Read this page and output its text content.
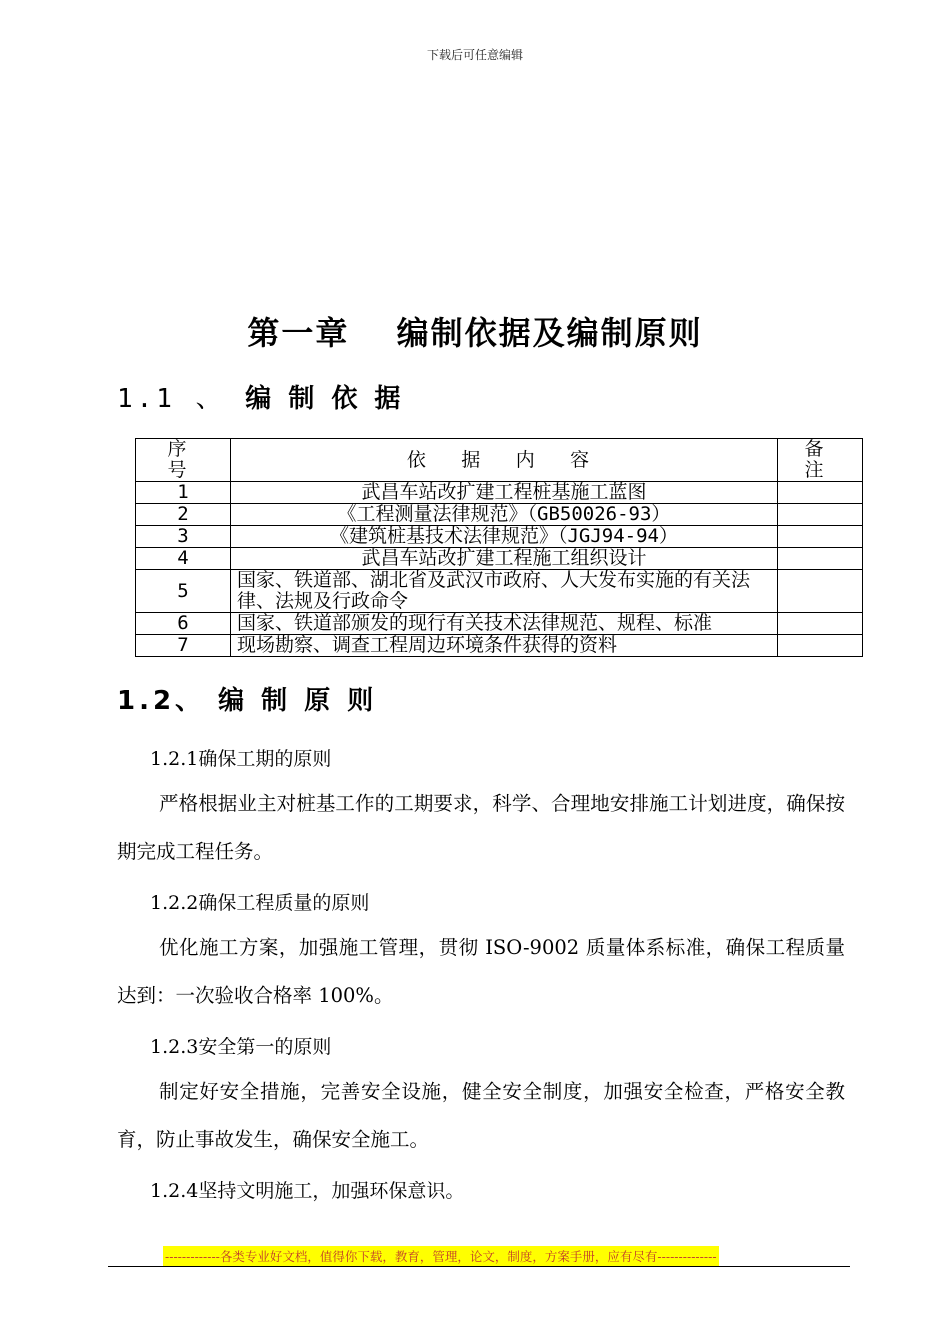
下载后可任意编辑
第一章　 编制依据及编制原则
1.1 、 编 制 依 据
序 号	依 据 内 容	备 注
1	武昌车站改扩建工程桩基施工蓝图	
2	《工程测量法律规范》（GB50026-93）	
3	《建筑桩基技术法律规范》（JGJ94-94）	
4	武昌车站改扩建工程施工组织设计	
5	国家、铁道部、湖北省及武汉市政府、人大发布实施的有关法律、法规及行政命令	
6	国家、铁道部颁发的现行有关技术法律规范、规程、标准	
7	现场勘察、调查工程周边环境条件获得的资料	
1.2、 编 制 原 则
1.2.1确保工期的原则
严格根据业主对桩基工作的工期要求，科学、合理地安排施工计划进度，确保按期完成工程任务。
1.2.2确保工程质量的原则
优化施工方案，加强施工管理，贯彻 ISO-9002 质量体系标准，确保工程质量达到：一次验收合格率 100%。
1.2.3安全第一的原则
制定好安全措施，完善安全设施，健全安全制度，加强安全检查，严格安全教育，防止事故发生，确保安全施工。
1.2.4坚持文明施工，加强环保意识。
-------------各类专业好文档，值得你下载，教育，管理，论文，制度，方案手册，应有尽有--------------
